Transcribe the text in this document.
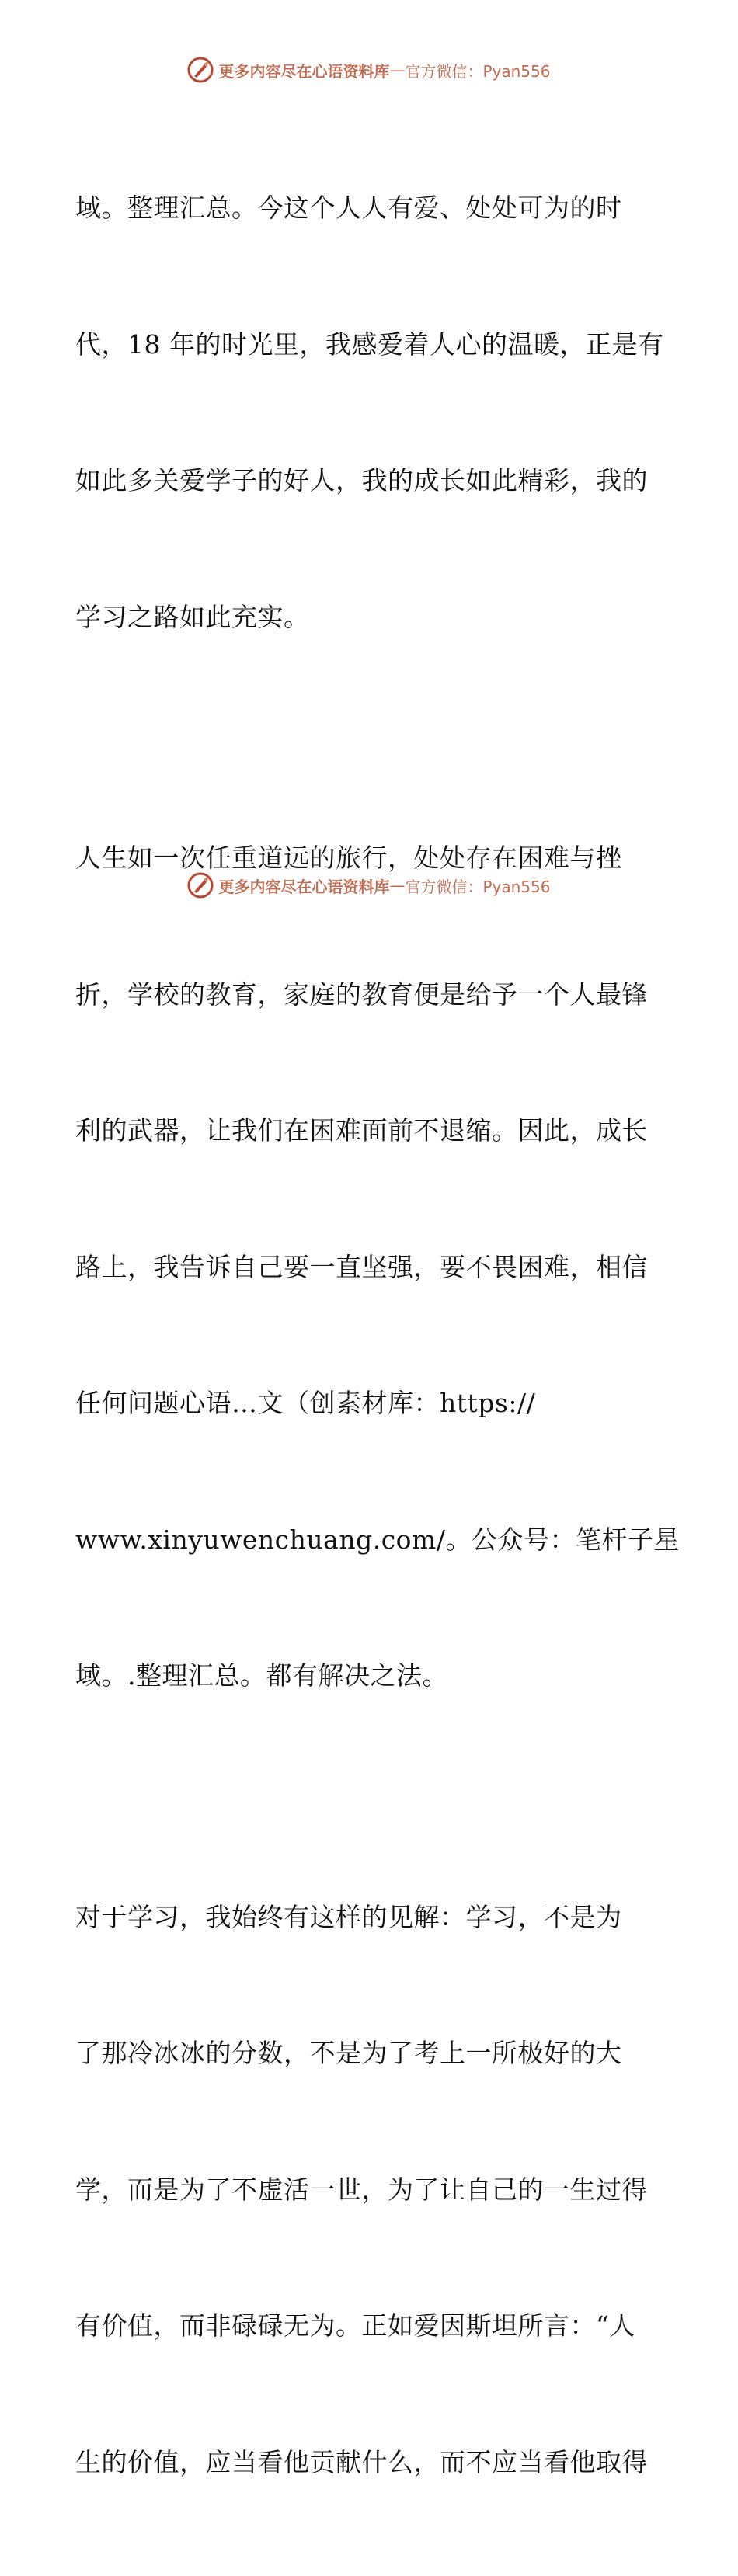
更多内容尽在心语资料库 — 官方微信：Pyan556

域。整理汇总。今这个人人有爱、处处可为的时

代，18 年的时光里，我感爱着人心的温暖，正是有

如此多关爱学子的好人，我的成长如此精彩，我的

学习之路如此充实。

人生如一次任重道远的旅行，处处存在困难与挫

折，学校的教育，家庭的教育便是给予一个人最锋

利的武器，让我们在困难面前不退缩。因此，成长

路上，我告诉自己要一直坚强，要不畏困难，相信

任何问题心语…文（创素材库：https://

www.xinyuwenchuang.com/。公众号：笔杆子星

域。.整理汇总。都有解决之法。

对于学习，我始终有这样的见解：学习，不是为

了那冷冰冰的分数，不是为了考上一所极好的大

学，而是为了不虚活一世，为了让自己的一生过得

有价值，而非碌碌无为。正如爱因斯坦所言：“人

生的价值，应当看他贡献什么，而不应当看他取得

更多内容尽在心语资料库 — 官方微信：Pyan556
